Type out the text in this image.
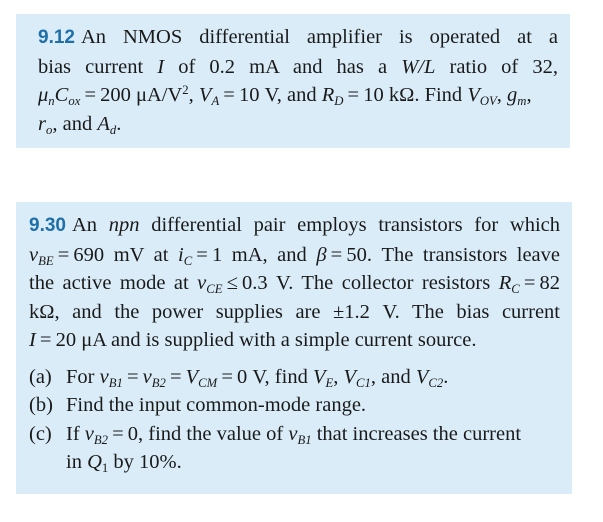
9.12 An NMOS differential amplifier is operated at a
bias current I of 0.2 mA and has a W/L ratio of 32,
$\mu_nC_{ox} = 200$ $\mu A/V^2$, $V_A = 10$ V, and $R_D = 10$ kΩ. Find $V_{OV}$, $g_m$,
$r_o$, and $A_d$.
9.30 An npn differential pair employs transistors for which
$v_{BE} = 690$ mV at $i_C = 1$ mA, and β = 50. The transistors leave
the active mode at $v_{CE} \le 0.3$ V. The collector resistors $R_C = 82$
kΩ, and the power supplies are ±1.2 V. The bias current
I = 20 μA and is supplied with a simple current source.
(a) For $v_{B1} = v_{B2} = V_{CM} = 0$ V, find $V_E$, $V_{C1}$, and $V_{C2}$.
(b) Find the input common-mode range.
(c) If $v_{B2} = 0$, find the value of $v_{B1}$ that increases the current
in $Q_1$ by 10%.
